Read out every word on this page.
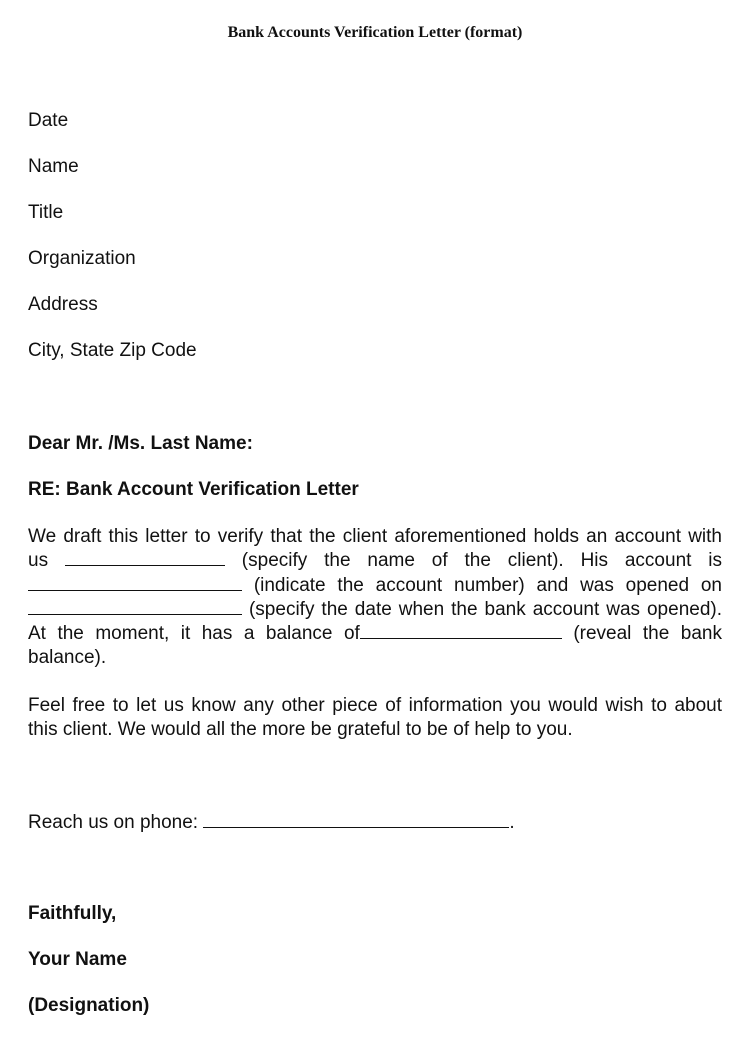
Bank Accounts Verification Letter (format)
Date
Name
Title
Organization
Address
City, State Zip Code
Dear Mr. /Ms. Last Name:
RE: Bank Account Verification Letter

We draft this letter to verify that the client aforementioned holds an account with us	(specify the name of the client). His account is  (indicate the account number) and was opened on  (specify the date when the bank account was opened). At the moment, it has a balance of	(reveal the bank balance).

Feel free to let us know any other piece of information you would wish to about this client. We would all the more be grateful to be of help to you.

Reach us on phone:	.
Faithfully,
Your Name
(Designation)
